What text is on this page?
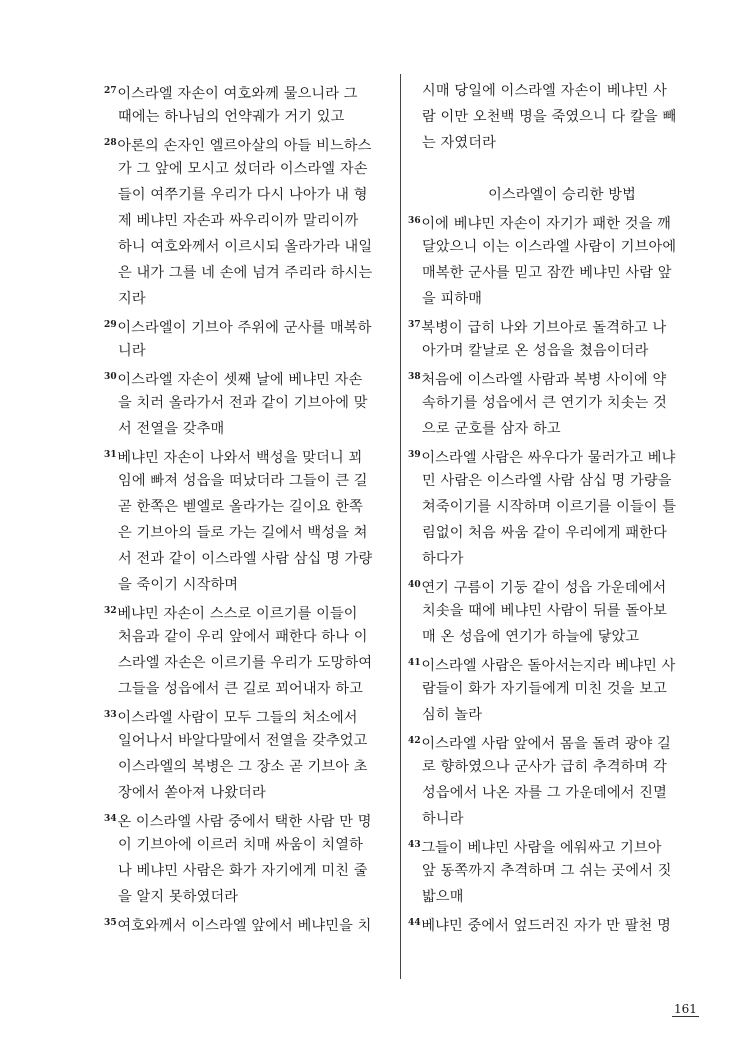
$^{27}$이스라엘 자손이 여호와께 물으니라 그
때에는 하나님의 언약궤가 거기 있고
$^{28}$아론의 손자인 엘르아살의 아들 비느하스
가 그 앞에 모시고 섰더라 이스라엘 자손
들이 여쭈기를 우리가 다시 나아가 내 형
제 베냐민 자손과 싸우리이까 말리이까
하니 여호와께서 이르시되 올라가라 내일
은 내가 그를 네 손에 넘겨 주리라 하시는
지라
$^{29}$이스라엘이 기브아 주위에 군사를 매복하
니라
$^{30}$이스라엘 자손이 셋째 날에 베냐민 자손
을 치러 올라가서 전과 같이 기브아에 맞
서 전열을 갖추매
$^{31}$베냐민 자손이 나와서 백성을 맞더니 꾀
임에 빠져 성읍을 떠났더라 그들이 큰 길
곧 한쪽은 벧엘로 올라가는 길이요 한쪽
은 기브아의 들로 가는 길에서 백성을 쳐
서 전과 같이 이스라엘 사람 삼십 명 가량
을 죽이기 시작하며
$^{32}$베냐민 자손이 스스로 이르기를 이들이
처음과 같이 우리 앞에서 패한다 하나 이
스라엘 자손은 이르기를 우리가 도망하여
그들을 성읍에서 큰 길로 꾀어내자 하고
$^{33}$이스라엘 사람이 모두 그들의 처소에서
일어나서 바알다말에서 전열을 갖추었고
이스라엘의 복병은 그 장소 곧 기브아 초
장에서 쏟아져 나왔더라
$^{34}$온 이스라엘 사람 중에서 택한 사람 만 명
이 기브아에 이르러 치매 싸움이 치열하
나 베냐민 사람은 화가 자기에게 미친 줄
을 알지 못하였더라
$^{35}$여호와께서 이스라엘 앞에서 베냐민을 치
시매 당일에 이스라엘 자손이 베냐민 사
람 이만 오천백 명을 죽였으니 다 칼을 빼
는 자였더라
이스라엘이 승리한 방법
$^{36}$이에 베냐민 자손이 자기가 패한 것을 깨
달았으니 이는 이스라엘 사람이 기브아에
매복한 군사를 믿고 잠깐 베냐민 사람 앞
을 피하매
$^{37}$복병이 급히 나와 기브아로 돌격하고 나
아가며 칼날로 온 성읍을 쳤음이더라
$^{38}$처음에 이스라엘 사람과 복병 사이에 약
속하기를 성읍에서 큰 연기가 치솟는 것
으로 군호를 삼자 하고
$^{39}$이스라엘 사람은 싸우다가 물러가고 베냐
민 사람은 이스라엘 사람 삼십 명 가량을
쳐죽이기를 시작하며 이르기를 이들이 틀
림없이 처음 싸움 같이 우리에게 패한다
하다가
$^{40}$연기 구름이 기둥 같이 성읍 가운데에서
치솟을 때에 베냐민 사람이 뒤를 돌아보
매 온 성읍에 연기가 하늘에 닿았고
$^{41}$이스라엘 사람은 돌아서는지라 베냐민 사
람들이 화가 자기들에게 미친 것을 보고
심히 놀라
$^{42}$이스라엘 사람 앞에서 몸을 돌려 광야 길
로 향하였으나 군사가 급히 추격하며 각
성읍에서 나온 자를 그 가운데에서 진멸
하니라
$^{43}$그들이 베냐민 사람을 에워싸고 기브아
앞 동쪽까지 추격하며 그 쉬는 곳에서 짓
밟으매
$^{44}$베냐민 중에서 엎드러진 자가 만 팔천 명
161
